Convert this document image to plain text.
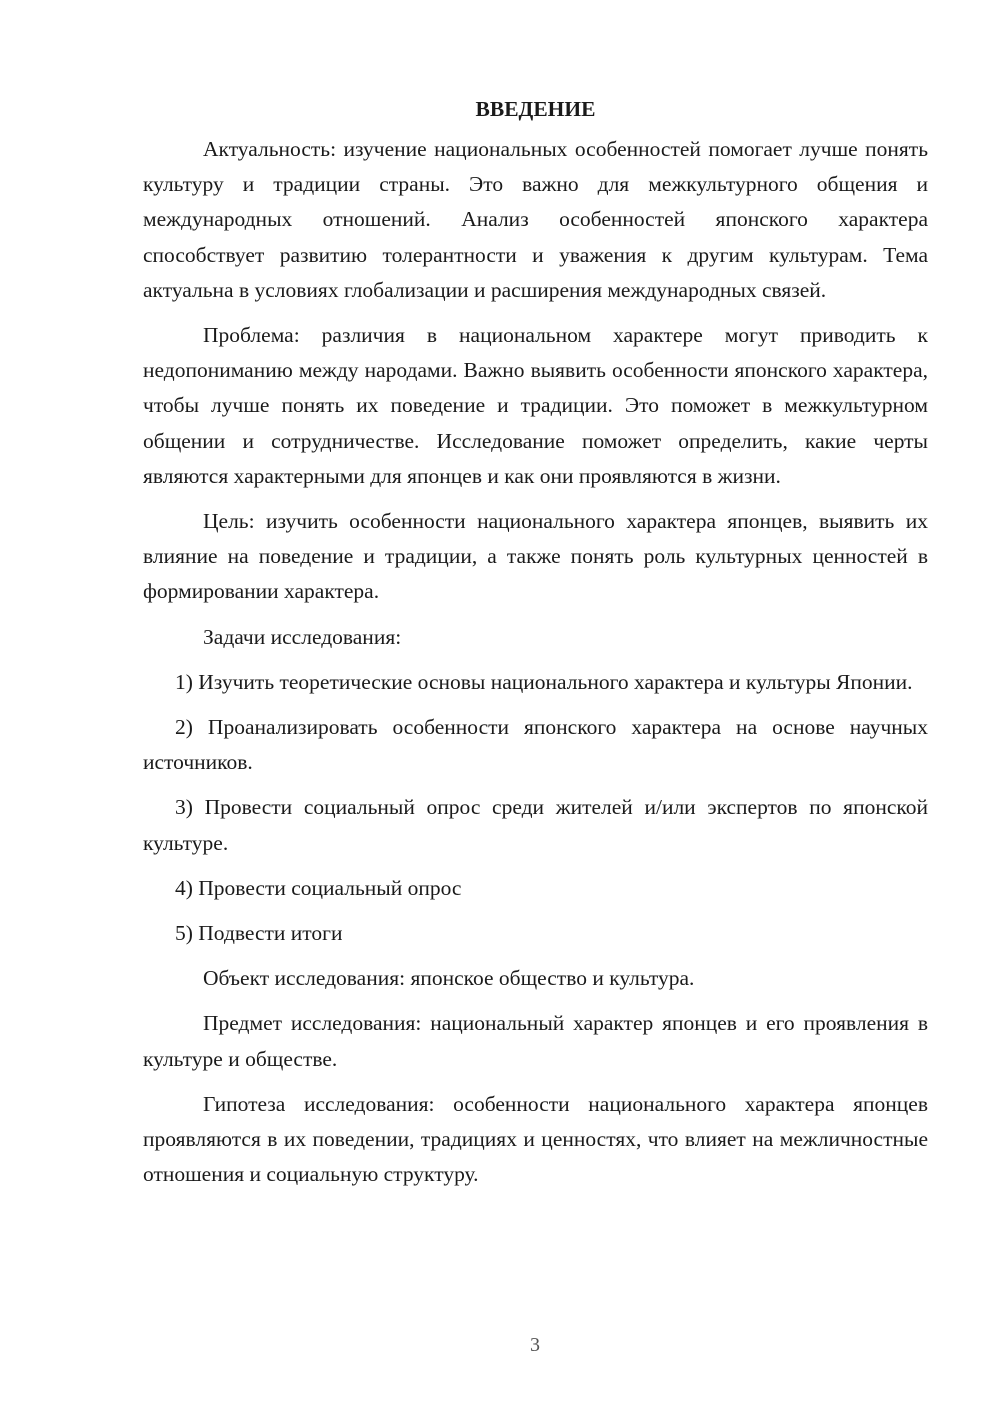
ВВЕДЕНИЕ

Актуальность: изучение национальных особенностей помогает лучше понять культуру и традиции страны. Это важно для межкультурного общения и международных отношений. Анализ особенностей японского характера способствует развитию толерантности и уважения к другим культурам. Тема актуальна в условиях глобализации и расширения международных связей.

Проблема: различия в национальном характере могут приводить к недопониманию между народами. Важно выявить особенности японского характера, чтобы лучше понять их поведение и традиции. Это поможет в межкультурном общении и сотрудничестве. Исследование поможет определить, какие черты являются характерными для японцев и как они проявляются в жизни.

Цель: изучить особенности национального характера японцев, выявить их влияние на поведение и традиции, а также понять роль культурных ценностей в формировании характера.

Задачи исследования:

1) Изучить теоретические основы национального характера и культуры Японии.

2) Проанализировать особенности японского характера на основе научных источников.

3) Провести социальный опрос среди жителей и/или экспертов по японской культуре.

4) Провести социальный опрос

5) Подвести итоги

Объект исследования: японское общество и культура.

Предмет исследования: национальный характер японцев и его проявления в культуре и обществе.

Гипотеза исследования: особенности национального характера японцев проявляются в их поведении, традициях и ценностях, что влияет на межличностные отношения и социальную структуру.

3
